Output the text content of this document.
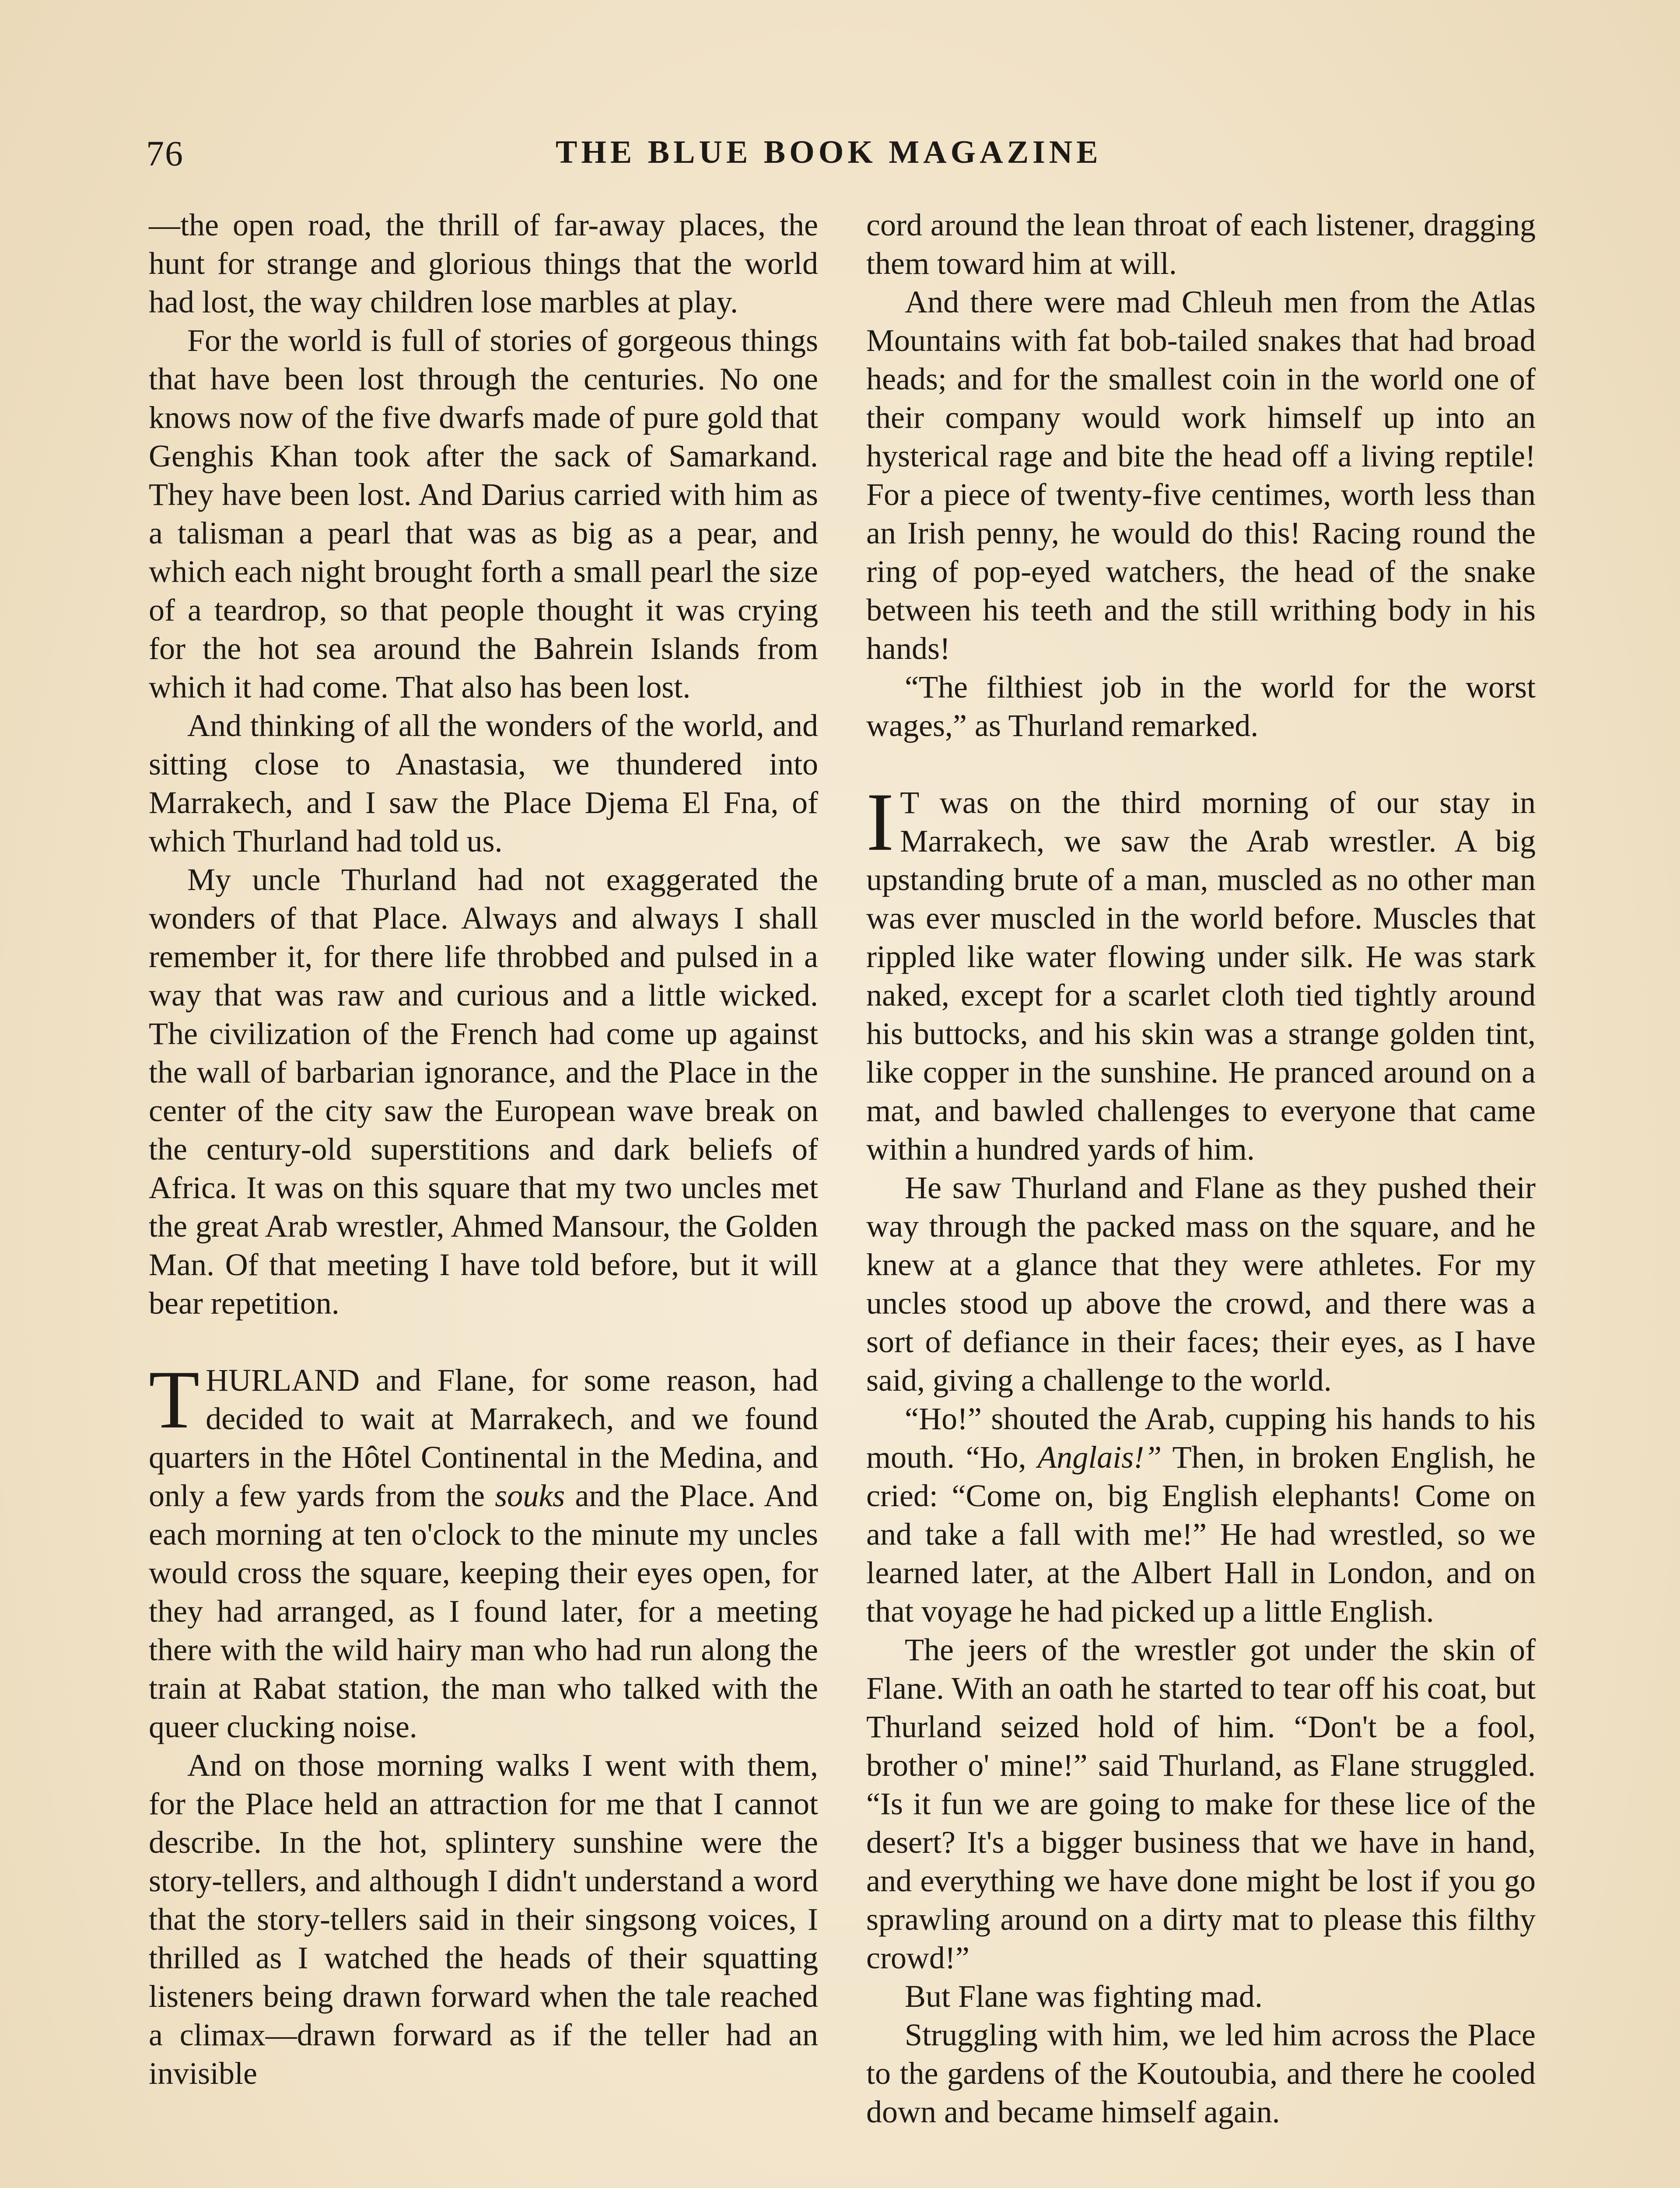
76	THE BLUE BOOK MAGAZINE

—the open road, the thrill of far-away places, the hunt for strange and glorious things that the world had lost, the way children lose marbles at play.

For the world is full of stories of gorgeous things that have been lost through the centuries. No one knows now of the five dwarfs made of pure gold that Genghis Khan took after the sack of Samarkand. They have been lost. And Darius carried with him as a talisman a pearl that was as big as a pear, and which each night brought forth a small pearl the size of a teardrop, so that people thought it was crying for the hot sea around the Bahrein Islands from which it had come. That also has been lost.

And thinking of all the wonders of the world, and sitting close to Anastasia, we thundered into Marrakech, and I saw the Place Djema El Fna, of which Thurland had told us.

My uncle Thurland had not exaggerated the wonders of that Place. Always and always I shall remember it, for there life throbbed and pulsed in a way that was raw and curious and a little wicked. The civilization of the French had come up against the wall of barbarian ignorance, and the Place in the center of the city saw the European wave break on the century-old superstitions and dark beliefs of Africa. It was on this square that my two uncles met the great Arab wrestler, Ahmed Mansour, the Golden Man. Of that meeting I have told before, but it will bear repetition.

THURLAND and Flane, for some reason, had decided to wait at Marrakech, and we found quarters in the Hôtel Continental in the Medina, and only a few yards from the souks and the Place. And each morning at ten o'clock to the minute my uncles would cross the square, keeping their eyes open, for they had arranged, as I found later, for a meeting there with the wild hairy man who had run along the train at Rabat station, the man who talked with the queer clucking noise.

And on those morning walks I went with them, for the Place held an attraction for me that I cannot describe. In the hot, splintery sunshine were the story-tellers, and although I didn't understand a word that the story-tellers said in their singsong voices, I thrilled as I watched the heads of their squatting listeners being drawn forward when the tale reached a climax—drawn forward as if the teller had an invisible

cord around the lean throat of each listener, dragging them toward him at will.

And there were mad Chleuh men from the Atlas Mountains with fat bob-tailed snakes that had broad heads; and for the smallest coin in the world one of their company would work himself up into an hysterical rage and bite the head off a living reptile! For a piece of twenty-five centimes, worth less than an Irish penny, he would do this! Racing round the ring of pop-eyed watchers, the head of the snake between his teeth and the still writhing body in his hands!

“The filthiest job in the world for the worst wages,” as Thurland remarked.

I T was on the third morning of our stay in Marrakech, we saw the Arab wrestler. A big upstanding brute of a man, muscled as no other man was ever muscled in the world before. Muscles that rippled like water flowing under silk. He was stark naked, except for a scarlet cloth tied tightly around his buttocks, and his skin was a strange golden tint, like copper in the sunshine. He pranced around on a mat, and bawled challenges to everyone that came within a hundred yards of him.

He saw Thurland and Flane as they pushed their way through the packed mass on the square, and he knew at a glance that they were athletes. For my uncles stood up above the crowd, and there was a sort of defiance in their faces; their eyes, as I have said, giving a challenge to the world.

“Ho!” shouted the Arab, cupping his hands to his mouth. “Ho, Anglais!” Then, in broken English, he cried: “Come on, big English elephants! Come on and take a fall with me!” He had wrestled, so we learned later, at the Albert Hall in London, and on that voyage he had picked up a little English.

The jeers of the wrestler got under the skin of Flane. With an oath he started to tear off his coat, but Thurland seized hold of him. “Don't be a fool, brother o' mine!” said Thurland, as Flane struggled. “Is it fun we are going to make for these lice of the desert? It's a bigger business that we have in hand, and everything we have done might be lost if you go sprawling around on a dirty mat to please this filthy crowd!”

But Flane was fighting mad.

Struggling with him, we led him across the Place to the gardens of the Koutoubia, and there he cooled down and became himself again.
